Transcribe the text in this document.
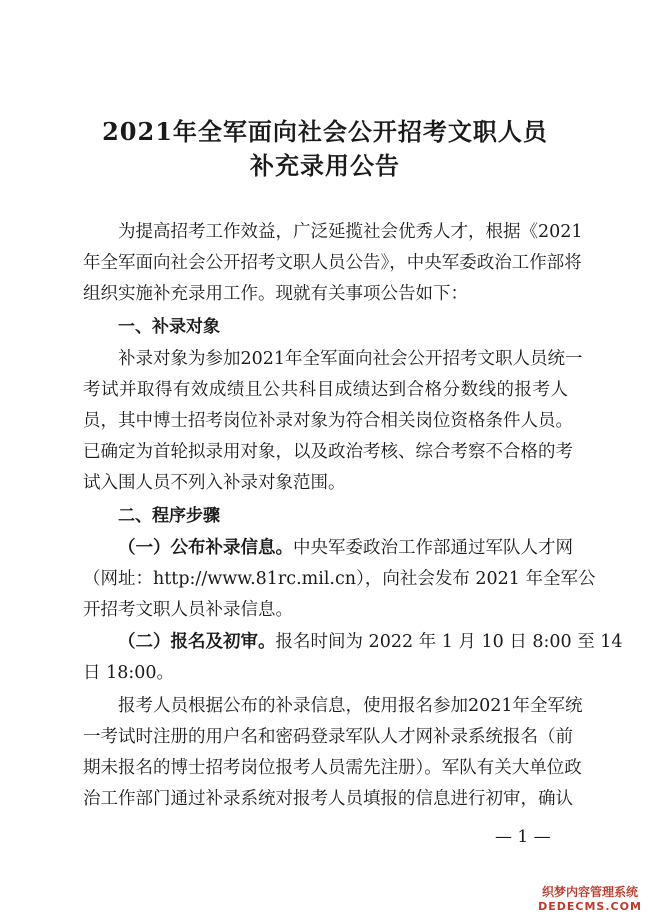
2021年全军面向社会公开招考文职人员
补充录用公告
为提高招考工作效益，广泛延揽社会优秀人才，根据《2021
年全军面向社会公开招考文职人员公告》，中央军委政治工作部将
组织实施补充录用工作。现就有关事项公告如下：
一、补录对象
补录对象为参加2021年全军面向社会公开招考文职人员统一
考试并取得有效成绩且公共科目成绩达到合格分数线的报考人
员，其中博士招考岗位补录对象为符合相关岗位资格条件人员。
已确定为首轮拟录用对象，以及政治考核、综合考察不合格的考
试入围人员不列入补录对象范围。
二、程序步骤
（一）公布补录信息。中央军委政治工作部通过军队人才网
（网址：http://www.81rc.mil.cn），向社会发布 2021 年全军公
开招考文职人员补录信息。
（二）报名及初审。报名时间为 2022 年 1 月 10 日 8:00 至 14
日 18:00。
报考人员根据公布的补录信息，使用报名参加2021年全军统
一考试时注册的用户名和密码登录军队人才网补录系统报名（前
期未报名的博士招考岗位报考人员需先注册）。军队有关大单位政
治工作部门通过补录系统对报考人员填报的信息进行初审，确认
— 1 —
织梦内容管理系统
DEDECMS.COM
